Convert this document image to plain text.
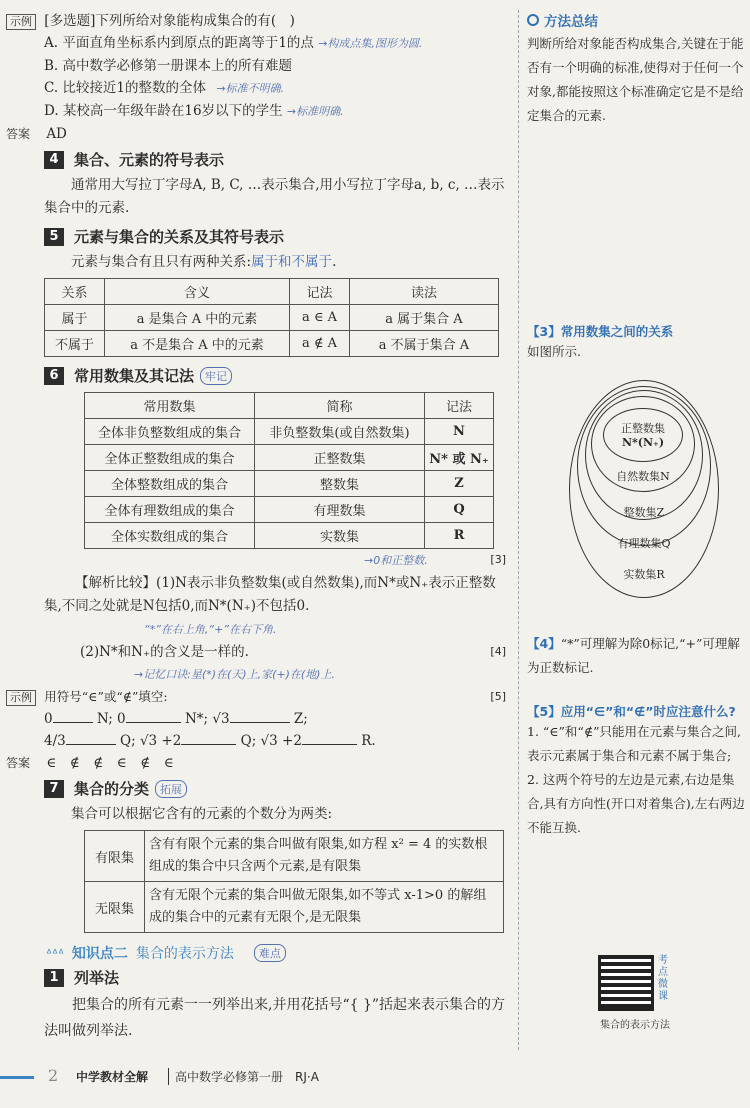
示例 [多选题]下列所给对象能构成集合的有(　)
A. 平面直角坐标系内到原点的距离等于1的点 →构成点集,图形为圆.
B. 高中数学必修第一册课本上的所有难题
C. 比较接近1的整数的全体 →标准不明确.
D. 某校高一年级年龄在16岁以下的学生 →标准明确.
答案 AD
4	集合、元素的符号表示
通常用大写拉丁字母A, B, C, …表示集合,用小写拉丁字母a, b, c, …表示集合中的元素.
5	元素与集合的关系及其符号表示
元素与集合有且只有两种关系:属于和不属于.
关系	含义	记法	读法
属于	a 是集合 A 中的元素	a ∈ A	a 属于集合 A
不属于	a 不是集合 A 中的元素	a ∉ A	a 不属于集合 A
6	常用数集及其记法	牢记
常用数集	简称	记法
全体非负整数组成的集合	非负整数集(或自然数集)	N
全体正整数组成的集合	正整数集	N* 或 N₊
全体整数组成的集合	整数集	Z
全体有理数组成的集合	有理数集	Q
全体实数组成的集合	实数集	R
→0和正整数.	[3]
【解析比较】(1)N表示非负整数集(或自然数集),而N*或N₊表示正整数集,不同之处就是N包括0,而N*(N₊)不包括0.
“*”在右上角,“+”在右下角.
(2)N*和N₊的含义是一样的.	[4]
→记忆口诀:星(*)在(天)上,家(+)在(地)上.
示例 用符号“∈”或“∉”填空:	[5]
0	N; 0	N*; √3	Z;
4/3	Q; √3 +2	Q; √3 +2	R.
答案 ∈　∉　∉　∈　∉　∈
7	集合的分类	拓展
集合可以根据它含有的元素的个数分为两类:
有限集	含有有限个元素的集合叫做有限集,如方程 x² = 4 的实数根组成的集合中只含两个元素,是有限集
无限集	含有无限个元素的集合叫做无限集,如不等式 x-1>0 的解组成的集合中的元素有无限个,是无限集
ᐞᐞᐞ 知识点二 集合的表示方法	难点
1	列举法
把集合的所有元素一一列举出来,并用花括号“{ }”括起来表示集合的方法叫做列举法.
方法总结
判断所给对象能否构成集合,关键在于能否有一个明确的标准,使得对于任何一个对象,都能按照这个标准确定它是不是给定集合的元素.
【3】常用数集之间的关系
如图所示.
正整数集
N*(N₊)
自然数集N
整数集Z
有理数集Q
实数集R
【4】“*”可理解为除0标记,“+”可理解为正数标记.
【5】应用“∈”和“∉”时应注意什么?
1. “∈”和“∉”只能用在元素与集合之间,表示元素属于集合和元素不属于集合;
2. 这两个符号的左边是元素,右边是集合,具有方向性(开口对着集合),左右两边不能互换.
考点微课
集合的表示方法
2 中学教材全解	高中数学必修第一册　RJ·A
